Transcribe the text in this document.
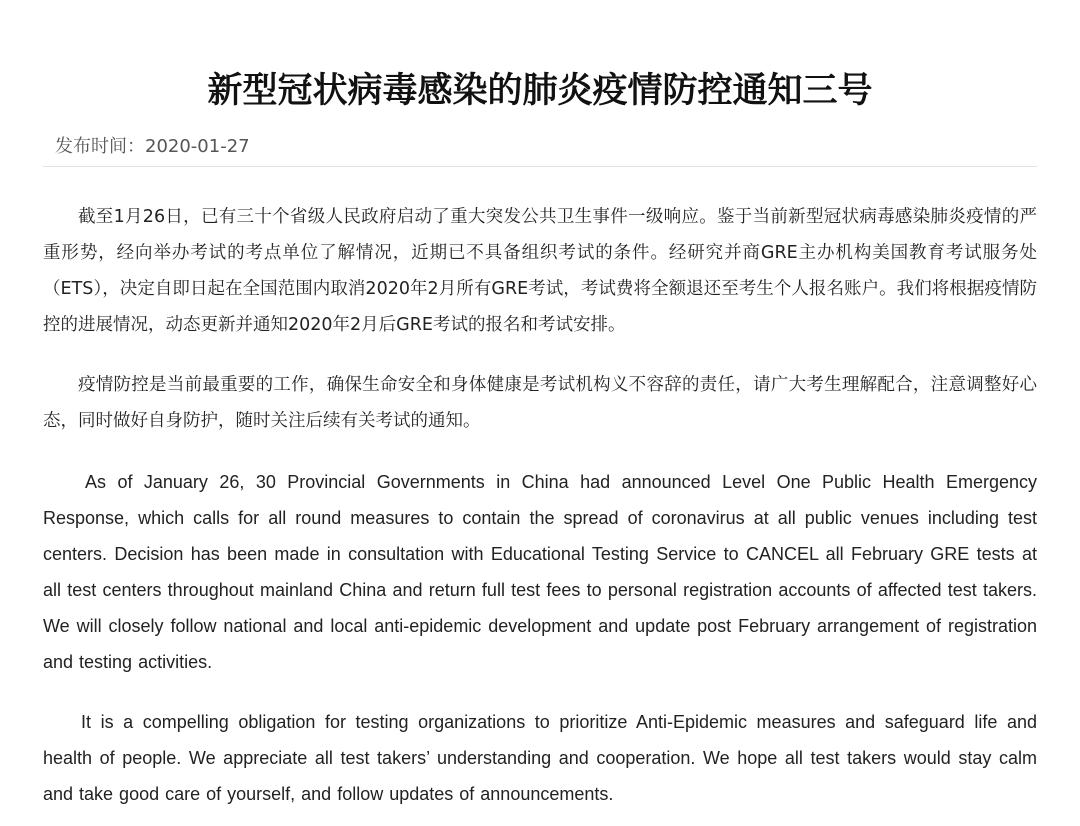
新型冠状病毒感染的肺炎疫情防控通知三号
发布时间：2020-01-27

截至1月26日，已有三十个省级人民政府启动了重大突发公共卫生事件一级响应。鉴于当前新型冠状病毒感染肺炎疫情的严重形势，经向举办考试的考点单位了解情况，近期已不具备组织考试的条件。经研究并商GRE主办机构美国教育考试服务处（ETS），决定自即日起在全国范围内取消2020年2月所有GRE考试，考试费将全额退还至考生个人报名账户。我们将根据疫情防控的进展情况，动态更新并通知2020年2月后GRE考试的报名和考试安排。

疫情防控是当前最重要的工作，确保生命安全和身体健康是考试机构义不容辞的责任，请广大考生理解配合，注意调整好心态，同时做好自身防护，随时关注后续有关考试的通知。

As of January 26, 30 Provincial Governments in China had announced Level One Public Health Emergency Response, which calls for all round measures to contain the spread of coronavirus at all public venues including test centers. Decision has been made in consultation with Educational Testing Service to CANCEL all February GRE tests at all test centers throughout mainland China and return full test fees to personal registration accounts of affected test takers. We will closely follow national and local anti-epidemic development and update post February arrangement of registration and testing activities.

It is a compelling obligation for testing organizations to prioritize Anti-Epidemic measures and safeguard life and health of people. We appreciate all test takers’ understanding and cooperation. We hope all test takers would stay calm and take good care of yourself, and follow updates of announcements.
